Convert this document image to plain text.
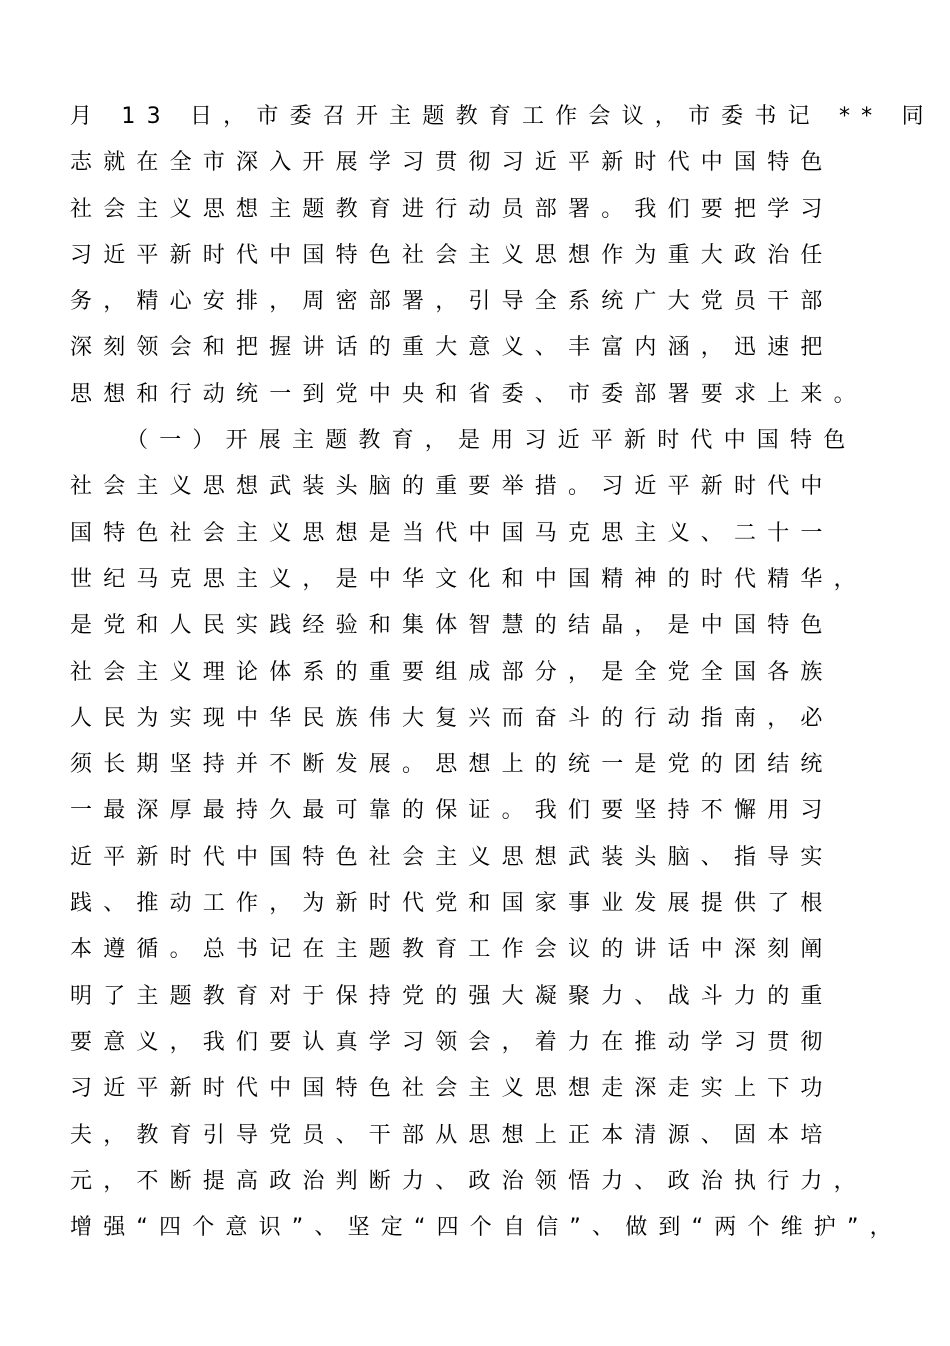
月 13 日，市委召开主题教育工作会议，市委书记 ** 同
志就在全市深入开展学习贯彻习近平新时代中国特色
社会主义思想主题教育进行动员部署。我们要把学习
习近平新时代中国特色社会主义思想作为重大政治任
务，精心安排，周密部署，引导全系统广大党员干部
深刻领会和把握讲话的重大意义、丰富内涵，迅速把
思想和行动统一到党中央和省委、市委部署要求上来。
（一）开展主题教育，是用习近平新时代中国特色
社会主义思想武装头脑的重要举措。习近平新时代中
国特色社会主义思想是当代中国马克思主义、二十一
世纪马克思主义，是中华文化和中国精神的时代精华，
是党和人民实践经验和集体智慧的结晶，是中国特色
社会主义理论体系的重要组成部分，是全党全国各族
人民为实现中华民族伟大复兴而奋斗的行动指南，必
须长期坚持并不断发展。思想上的统一是党的团结统
一最深厚最持久最可靠的保证。我们要坚持不懈用习
近平新时代中国特色社会主义思想武装头脑、指导实
践、推动工作，为新时代党和国家事业发展提供了根
本遵循。总书记在主题教育工作会议的讲话中深刻阐
明了主题教育对于保持党的强大凝聚力、战斗力的重
要意义，我们要认真学习领会，着力在推动学习贯彻
习近平新时代中国特色社会主义思想走深走实上下功
夫，教育引导党员、干部从思想上正本清源、固本培
元，不断提高政治判断力、政治领悟力、政治执行力，
增强“四个意识”、坚定“四个自信”、做到“两个维护”，
